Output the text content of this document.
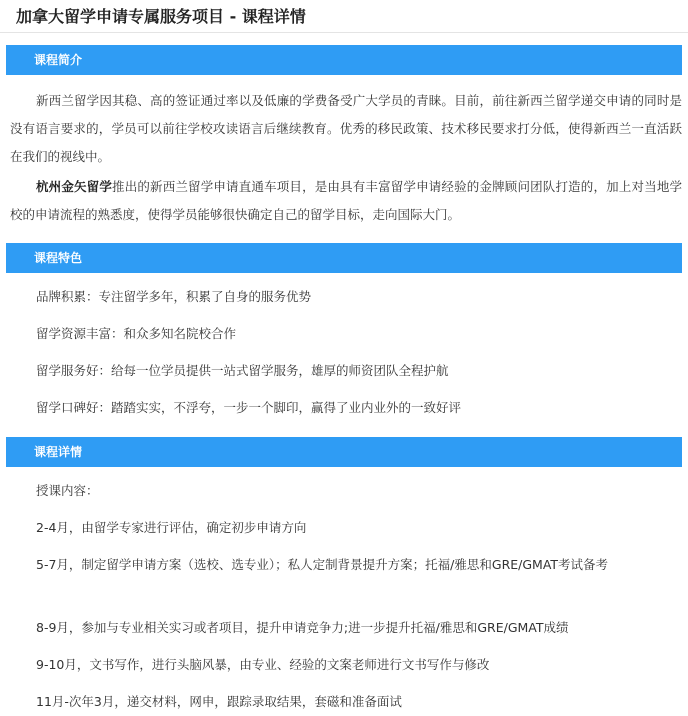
加拿大留学申请专属服务项目 - 课程详情
课程简介

新西兰留学因其稳、高的签证通过率以及低廉的学费备受广大学员的青睐。目前，前往新西兰留学递交申请的同时是没有语言要求的，学员可以前往学校攻读语言后继续教育。优秀的移民政策、技术移民要求打分低，使得新西兰一直活跃在我们的视线中。

杭州金矢留学推出的新西兰留学申请直通车项目，是由具有丰富留学申请经验的金牌顾问团队打造的，加上对当地学校的申请流程的熟悉度，使得学员能够很快确定自己的留学目标，走向国际大门。

课程特色

品牌积累：专注留学多年，积累了自身的服务优势

留学资源丰富：和众多知名院校合作

留学服务好：给每一位学员提供一站式留学服务，雄厚的师资团队全程护航

留学口碑好：踏踏实实，不浮夸，一步一个脚印，赢得了业内业外的一致好评

课程详情

授课内容：

2-4月，由留学专家进行评估，确定初步申请方向

5-7月，制定留学申请方案（选校、选专业）；私人定制背景提升方案；托福/雅思和GRE/GMAT考试备考

8-9月，参加与专业相关实习或者项目，提升申请竞争力;进一步提升托福/雅思和GRE/GMAT成绩

9-10月，文书写作，进行头脑风暴，由专业、经验的文案老师进行文书写作与修改

11月-次年3月，递交材料，网申，跟踪录取结果，套磁和准备面试
